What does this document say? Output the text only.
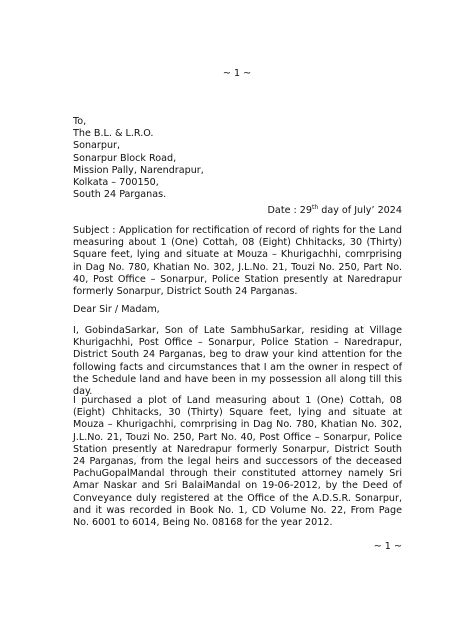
~ 1 ~
To,
The B.L. & L.R.O.
Sonarpur,
Sonarpur Block Road,
Mission Pally, Narendrapur,
Kolkata – 700150,
South 24 Parganas.
Date : 29th day of July’ 2024
Subject : Application for rectification of record of rights for the Land measuring about 1 (One) Cottah, 08 (Eight) Chhitacks, 30 (Thirty) Square feet, lying and situate at Mouza – Khurigachhi, comrprising in Dag No. 780, Khatian No. 302, J.L.No. 21, Touzi No. 250, Part No. 40, Post Office – Sonarpur, Police Station presently at Naredrapur formerly Sonarpur, District South 24 Parganas.
Dear Sir / Madam,
I, GobindaSarkar, Son of Late SambhuSarkar, residing at Village Khurigachhi, Post Office – Sonarpur, Police Station – Naredrapur, District South 24 Parganas, beg to draw your kind attention for the following facts and circumstances that I am the owner in respect of the Schedule land and have been in my possession all along till this day.
I purchased a plot of Land measuring about 1 (One) Cottah, 08 (Eight) Chhitacks, 30 (Thirty) Square feet, lying and situate at Mouza – Khurigachhi, comrprising in Dag No. 780, Khatian No. 302, J.L.No. 21, Touzi No. 250, Part No. 40, Post Office – Sonarpur, Police Station presently at Naredrapur formerly Sonarpur, District South 24 Parganas, from the legal heirs and successors of the deceased PachuGopalMandal through their constituted attorney namely Sri Amar Naskar and Sri BalaiMandal on 19-06-2012, by the Deed of Conveyance duly registered at the Office of the A.D.S.R. Sonarpur, and it was recorded in Book No. 1, CD Volume No. 22, From Page No. 6001 to 6014, Being No. 08168 for the year 2012.
~ 1 ~
